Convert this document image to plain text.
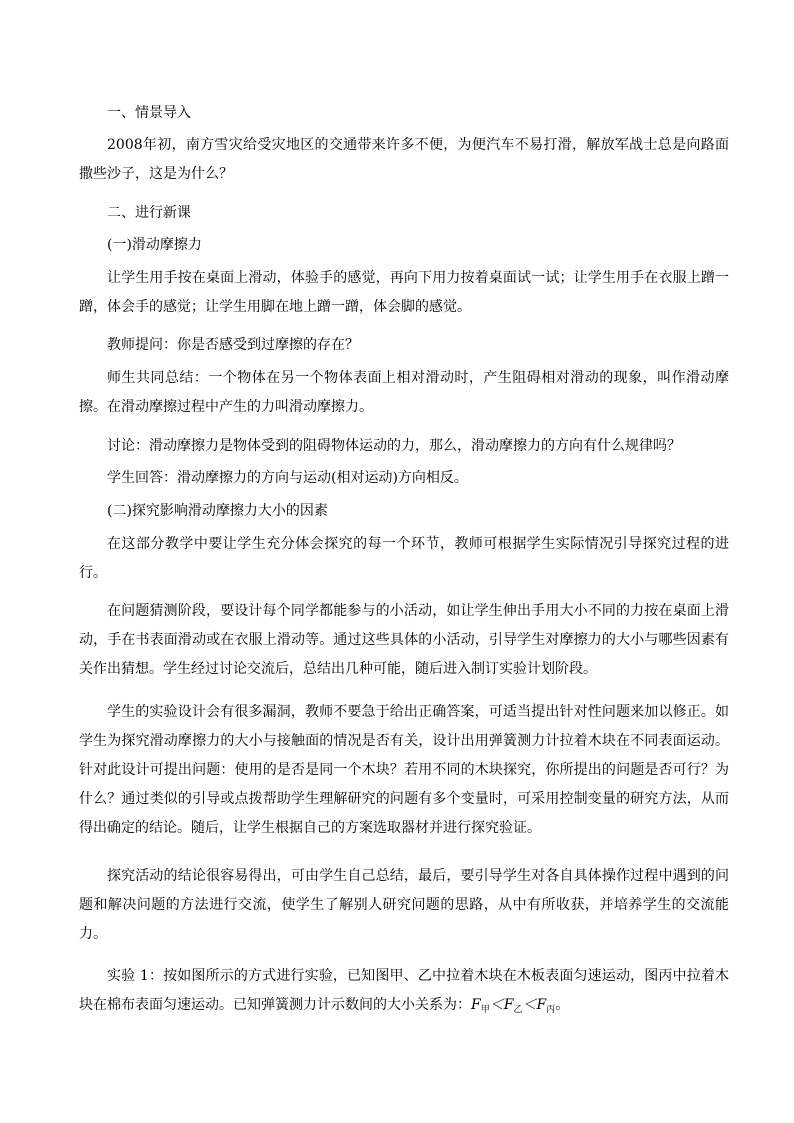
一、情景导入

2008年初，南方雪灾给受灾地区的交通带来许多不便，为便汽车不易打滑，解放军战士总是向路面撒些沙子，这是为什么？

二、进行新课

(一)滑动摩擦力

让学生用手按在桌面上滑动，体验手的感觉，再向下用力按着桌面试一试；让学生用手在衣服上蹭一蹭，体会手的感觉；让学生用脚在地上蹭一蹭，体会脚的感觉。

教师提问：你是否感受到过摩擦的存在？

师生共同总结：一个物体在另一个物体表面上相对滑动时，产生阻碍相对滑动的现象，叫作滑动摩擦。在滑动摩擦过程中产生的力叫滑动摩擦力。

讨论：滑动摩擦力是物体受到的阻碍物体运动的力，那么，滑动摩擦力的方向有什么规律吗？

学生回答：滑动摩擦力的方向与运动(相对运动)方向相反。

(二)探究影响滑动摩擦力大小的因素

在这部分教学中要让学生充分体会探究的每一个环节，教师可根据学生实际情况引导探究过程的进行。

在问题猜测阶段，要设计每个同学都能参与的小活动，如让学生伸出手用大小不同的力按在桌面上滑动，手在书表面滑动或在衣服上滑动等。通过这些具体的小活动，引导学生对摩擦力的大小与哪些因素有关作出猜想。学生经过讨论交流后，总结出几种可能，随后进入制订实验计划阶段。

学生的实验设计会有很多漏洞，教师不要急于给出正确答案，可适当提出针对性问题来加以修正。如学生为探究滑动摩擦力的大小与接触面的情况是否有关，设计出用弹簧测力计拉着木块在不同表面运动。针对此设计可提出问题：使用的是否是同一个木块？若用不同的木块探究，你所提出的问题是否可行？为什么？通过类似的引导或点拨帮助学生理解研究的问题有多个变量时，可采用控制变量的研究方法，从而得出确定的结论。随后，让学生根据自己的方案选取器材并进行探究验证。

探究活动的结论很容易得出，可由学生自己总结，最后，要引导学生对各自具体操作过程中遇到的问题和解决问题的方法进行交流，使学生了解别人研究问题的思路，从中有所收获，并培养学生的交流能力。

实验 1：按如图所示的方式进行实验，已知图甲、乙中拉着木块在木板表面匀速运动，图丙中拉着木块在棉布表面匀速运动。已知弹簧测力计示数间的大小关系为：$F_甲<F_乙<F_丙$。
